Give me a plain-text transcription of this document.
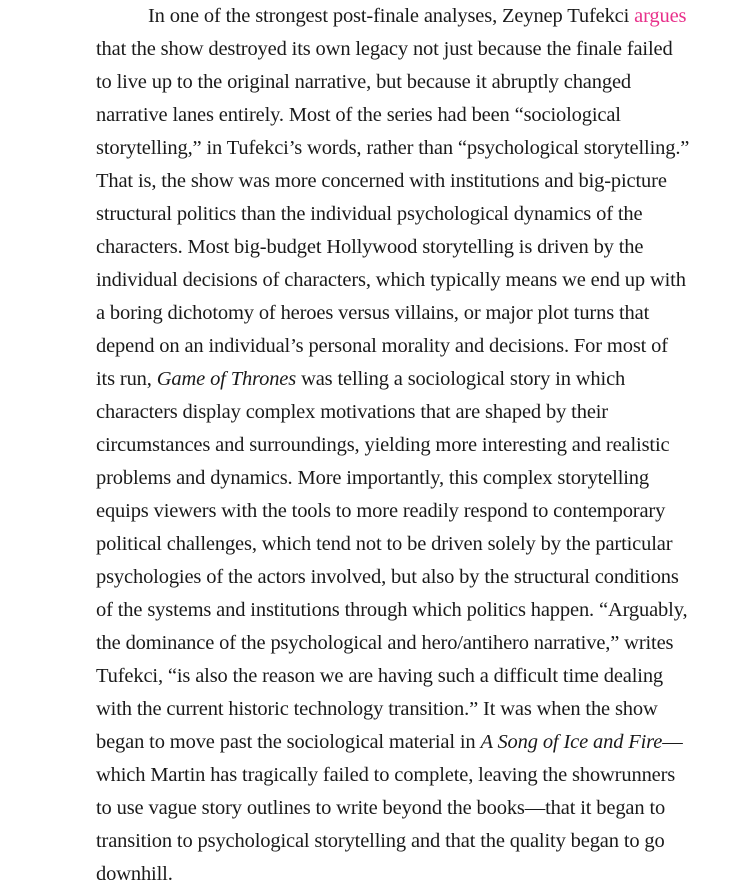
In one of the strongest post-finale analyses, Zeynep Tufekci argues
that the show destroyed its own legacy not just because the finale failed
to live up to the original narrative, but because it abruptly changed
narrative lanes entirely. Most of the series had been “sociological
storytelling,” in Tufekci’s words, rather than “psychological storytelling.”
That is, the show was more concerned with institutions and big-picture
structural politics than the individual psychological dynamics of the
characters. Most big-budget Hollywood storytelling is driven by the
individual decisions of characters, which typically means we end up with
a boring dichotomy of heroes versus villains, or major plot turns that
depend on an individual’s personal morality and decisions. For most of
its run, Game of Thrones was telling a sociological story in which
characters display complex motivations that are shaped by their
circumstances and surroundings, yielding more interesting and realistic
problems and dynamics. More importantly, this complex storytelling
equips viewers with the tools to more readily respond to contemporary
political challenges, which tend not to be driven solely by the particular
psychologies of the actors involved, but also by the structural conditions
of the systems and institutions through which politics happen. “Arguably,
the dominance of the psychological and hero/antihero narrative,” writes
Tufekci, “is also the reason we are having such a difficult time dealing
with the current historic technology transition.” It was when the show
began to move past the sociological material in A Song of Ice and Fire—
which Martin has tragically failed to complete, leaving the showrunners
to use vague story outlines to write beyond the books—that it began to
transition to psychological storytelling and that the quality began to go
downhill.
